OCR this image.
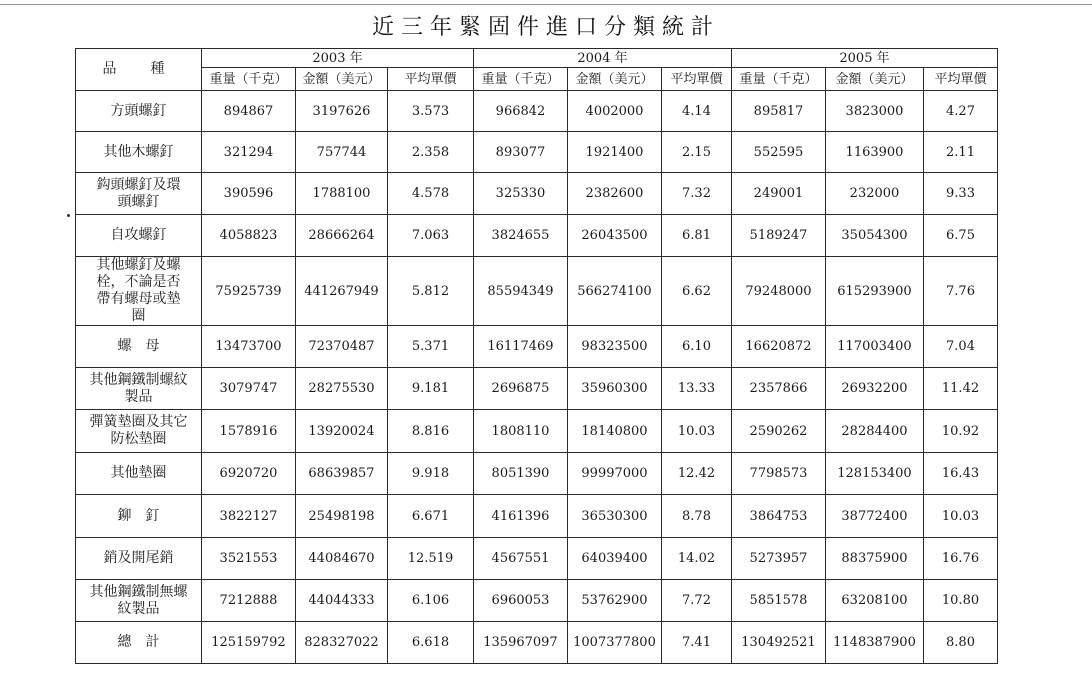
近三年緊固件進口分類統計
品　種	2003 年			2004 年			2005 年		
	重量（千克）	金額（美元）	平均單價	重量（千克）	金額（美元）	平均單價	重量（千克）	金額（美元）	平均單價

方頭螺釘	894867	3197626	3.573	966842	4002000	4.14	895817	3823000	4.27

其他木螺釘	321294	757744	2.358	893077	1921400	2.15	552595	1163900	2.11

鈎頭螺釘及環頭螺釘	390596	1788100	4.578	325330	2382600	7.32	249001	232000	9.33

自攻螺釘	4058823	28666264	7.063	3824655	26043500	6.81	5189247	35054300	6.75

其他螺釘及螺栓，不論是否帶有螺母或墊圈	75925739	441267949	5.812	85594349	566274100	6.62	79248000	615293900	7.76

螺　母	13473700	72370487	5.371	16117469	98323500	6.10	16620872	117003400	7.04

其他鋼鐵制螺紋製品	3079747	28275530	9.181	2696875	35960300	13.33	2357866	26932200	11.42

彈簧墊圈及其它防松墊圈	1578916	13920024	8.816	1808110	18140800	10.03	2590262	28284400	10.92

其他墊圈	6920720	68639857	9.918	8051390	99997000	12.42	7798573	128153400	16.43

鉚　釘	3822127	25498198	6.671	4161396	36530300	8.78	3864753	38772400	10.03

銷及開尾銷	3521553	44084670	12.519	4567551	64039400	14.02	5273957	88375900	16.76

其他鋼鐵制無螺紋製品	7212888	44044333	6.106	6960053	53762900	7.72	5851578	63208100	10.80

總　計	125159792	828327022	6.618	135967097	1007377800	7.41	130492521	1148387900	8.80
